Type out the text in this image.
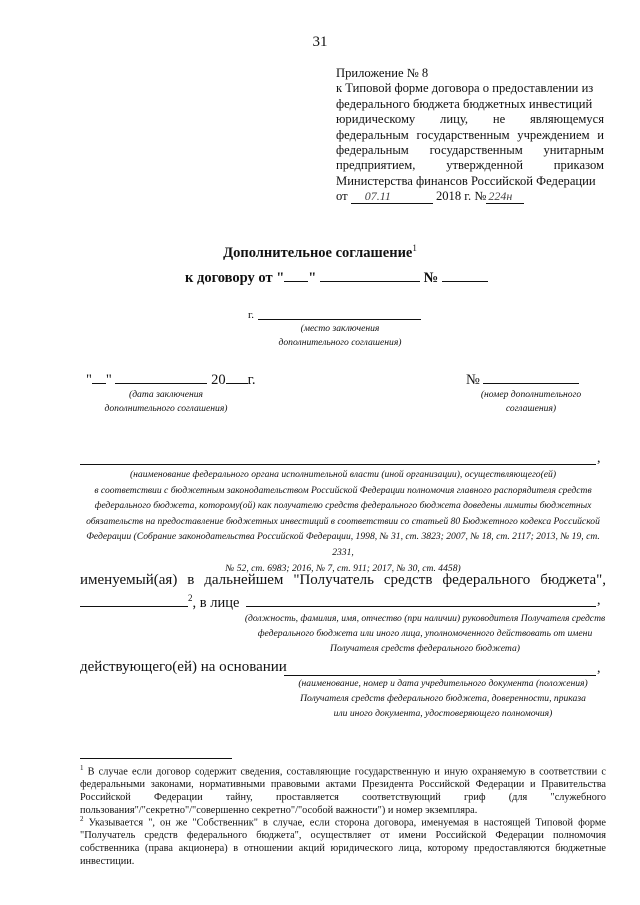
31
Приложение № 8
к Типовой форме договора о предоставлении из
федерального бюджета бюджетных инвестиций
юридическому лицу, не являющемуся
федеральным государственным учреждением и
федеральным государственным унитарным
предприятием, утвержденной приказом
Министерства финансов Российской Федерации
от 07.11	2018 г. № 224н
Дополнительное соглашение$^1$
к договору от " "	№
г.
(место заключения
дополнительного соглашения)
" "	20 г.
(дата заключения
дополнительного соглашения)
№
(номер дополнительного
соглашения)
,
(наименование федерального органа исполнительной власти (иной организации), осуществляющего(ей)
в соответствии с бюджетным законодательством Российской Федерации полномочия главного распорядителя средств
федерального бюджета, которому(ой) как получателю средств федерального бюджета доведены лимиты бюджетных
обязательств на предоставление бюджетных инвестиций в соответствии со статьей 80 Бюджетного кодекса Российской
Федерации (Собрание законодательства Российской Федерации, 1998, № 31, ст. 3823; 2007, № 18, ст. 2117; 2013, № 19, ст. 2331,
№ 52, ст. 6983; 2016, № 7, ст. 911; 2017, № 30, ст. 4458)
именуемый(ая) в дальнейшем "Получатель средств федерального бюджета",
$^2$, в лице	,
(должность, фамилия, имя, отчество (при наличии) руководителя Получателя средств
федерального бюджета или иного лица, уполномоченного действовать от имени
Получателя средств федерального бюджета)
действующего(ей) на основании	,
(наименование, номер и дата учредительного документа (положения)
Получателя средств федерального бюджета, доверенности, приказа
или иного документа, удостоверяющего полномочия)
$^1$ В случае если договор содержит сведения, составляющие государственную и иную охраняемую в соответствии с федеральными законами, нормативными правовыми актами Президента Российской Федерации и Правительства Российской Федерации тайну, проставляется соответствующий гриф (для "служебного пользования"/"секретно"/"совершенно секретно"/"особой важности") и номер экземпляра.
$^2$ Указывается ", он же "Собственник" в случае, если сторона договора, именуемая в настоящей Типовой форме "Получатель средств федерального бюджета", осуществляет от имени Российской Федерации полномочия собственника (права акционера) в отношении акций юридического лица, которому предоставляются бюджетные инвестиции.
